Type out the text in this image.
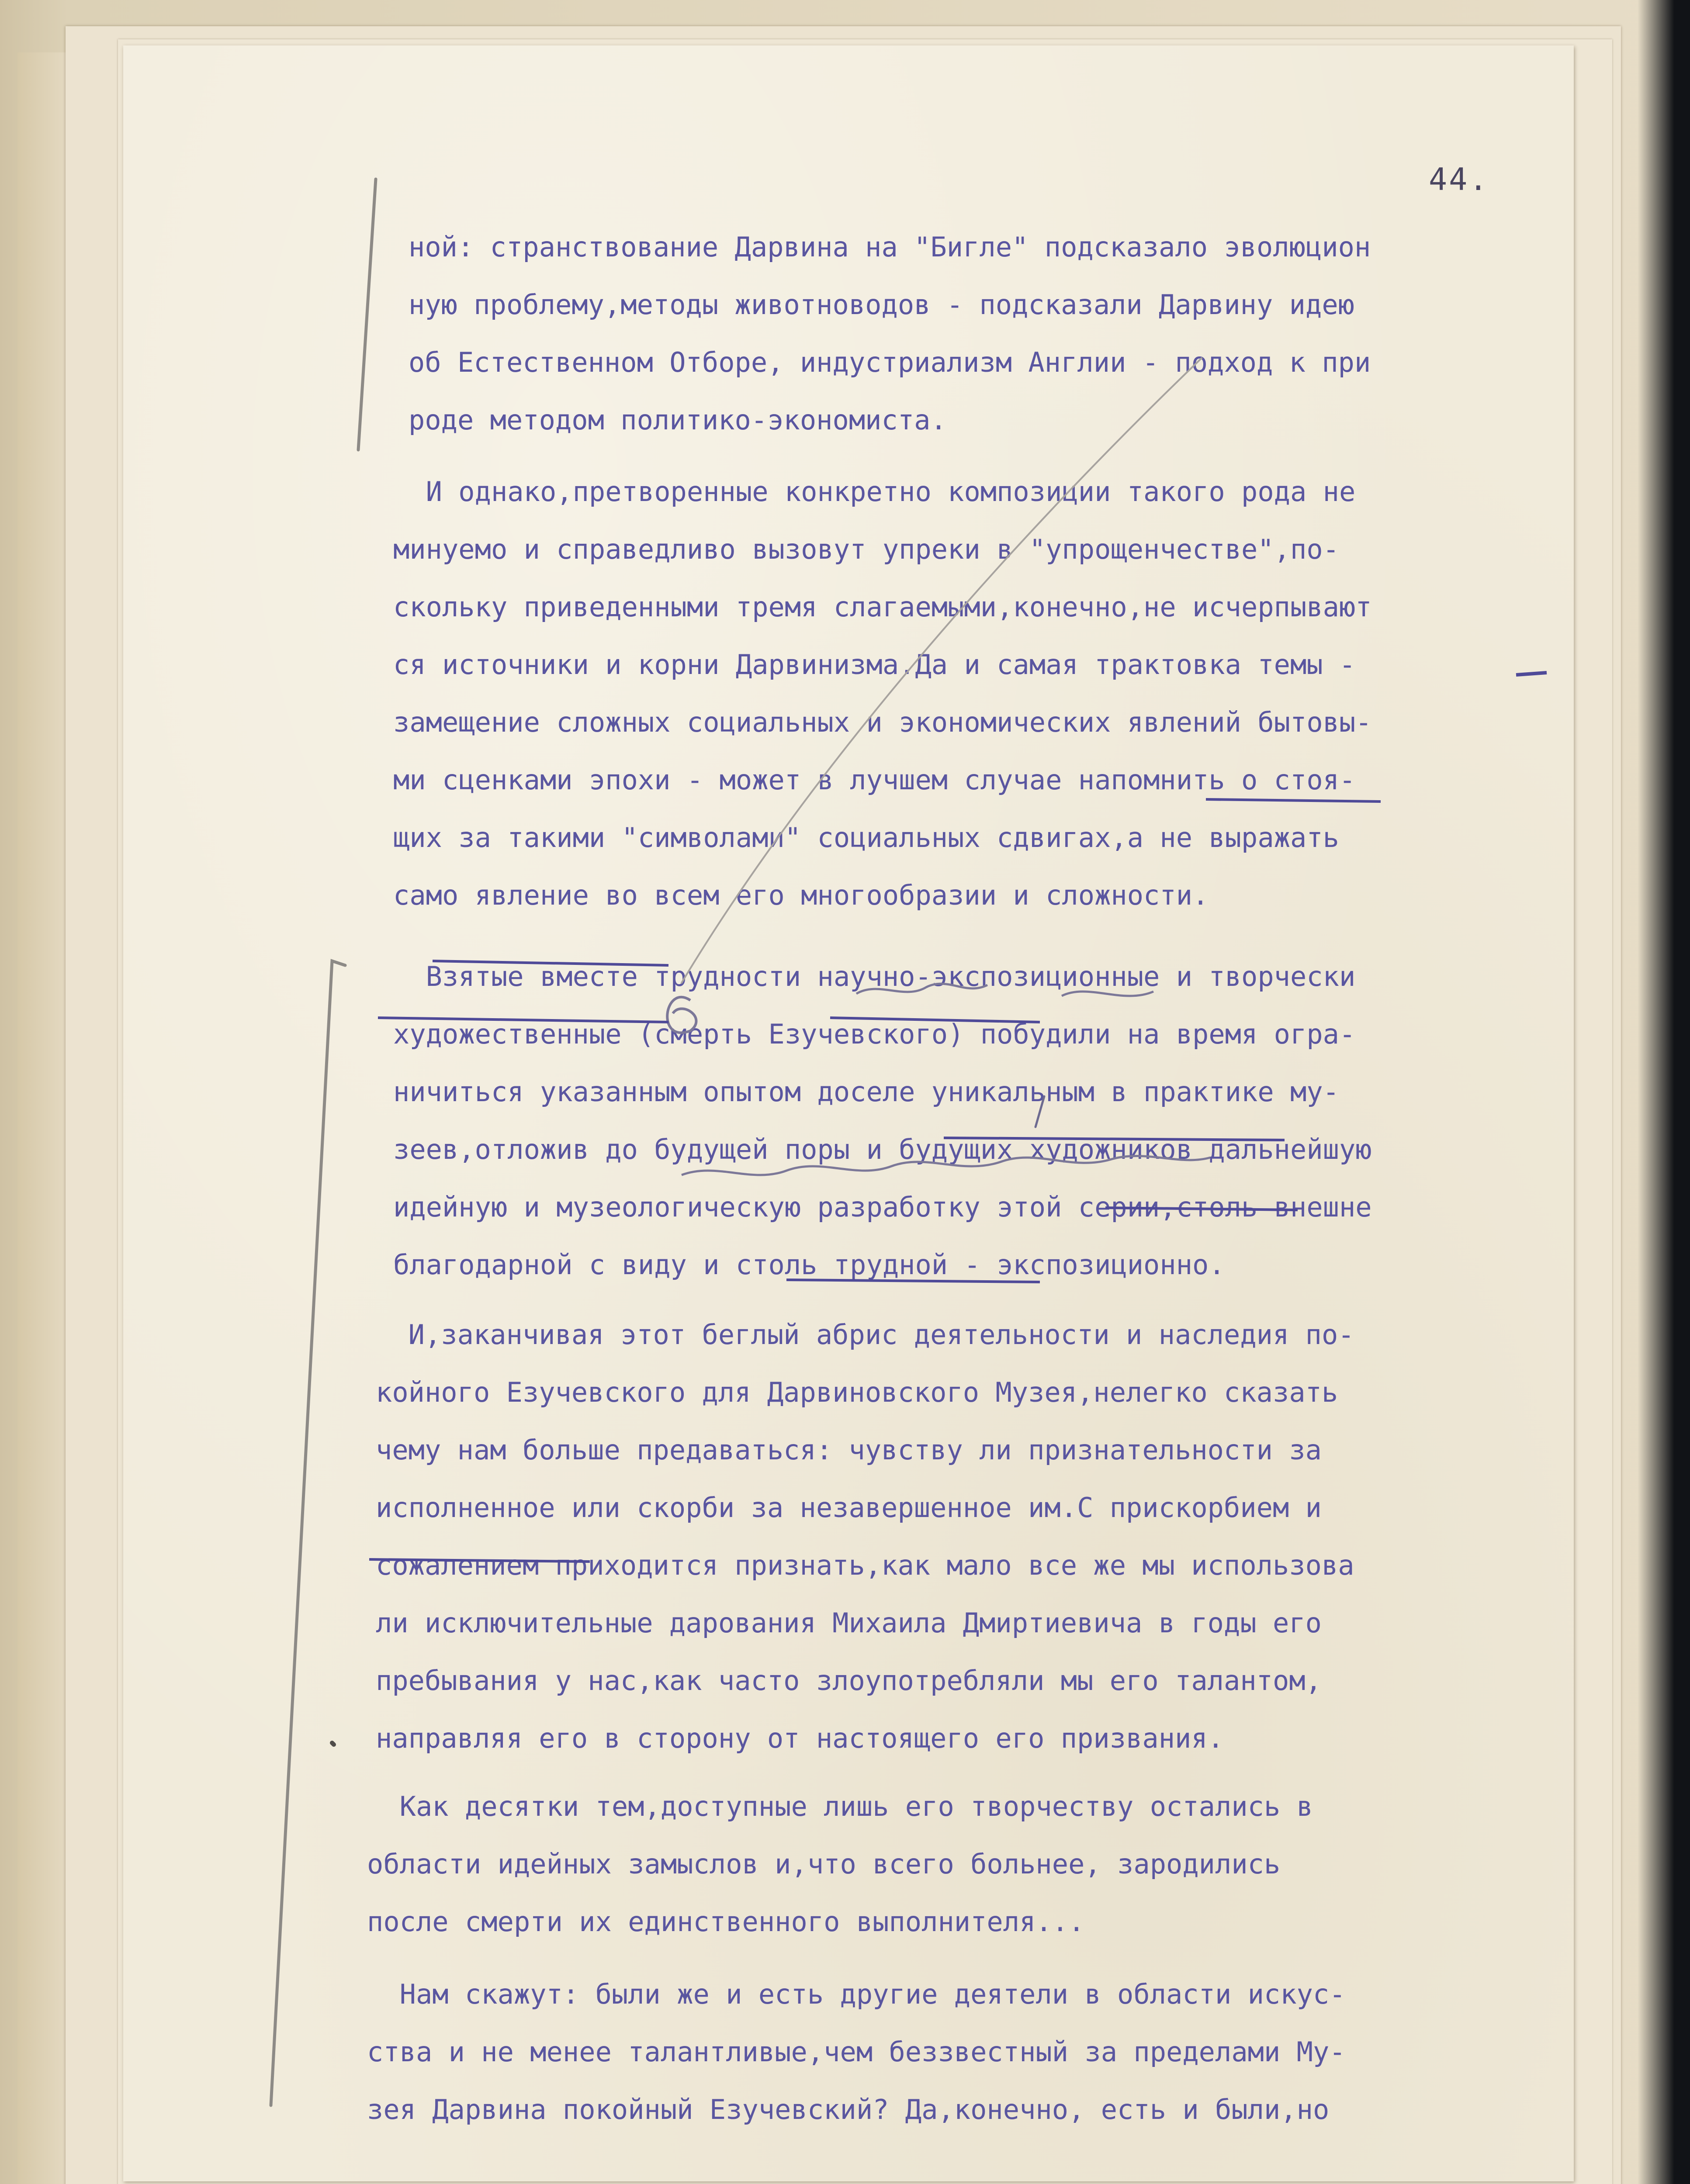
44.
ной: странствование Дарвина на "Бигле" подсказало эволюцион
ную проблему,методы животноводов - подсказали Дарвину идею
об Естественном Отборе, индустриализм Англии - подход к при
роде методом политико-экономиста.
И однако,претворенные конкретно композиции такого рода не
минуемо и справедливо вызовут упреки в "упрощенчестве",по-
скольку приведенными тремя слагаемыми,конечно,не исчерпывают
ся источники и корни Дарвинизма.Да и самая трактовка темы -
замещение сложных социальных и экономических явлений бытовы-
ми сценками эпохи - может в лучшем случае напомнить о стоя-
щих за такими "символами" социальных сдвигах,а не выражать
само явление во всем его многообразии и сложности.
Взятые вместе трудности научно-экспозиционные и творчески
художественные (смерть Езучевского) побудили на время огра-
ничиться указанным опытом доселе уникальным в практике му-
зеев,отложив до будущей поры и будущих художников дальнейшую
идейную и музеологическую разработку этой серии,столь внешне
благодарной с виду и столь трудной - экспозиционно.
И,заканчивая этот беглый абрис деятельности и наследия по-
койного Езучевского для Дарвиновского Музея,нелегко сказать
чему нам больше предаваться: чувству ли признательности за
исполненное или скорби за незавершенное им.С прискорбием и
сожалением приходится признать,как мало все же мы использова
ли исключительные дарования Михаила Дмиртиевича в годы его
пребывания у нас,как часто злоупотребляли мы его талантом,
направляя его в сторону от настоящего его призвания.
Как десятки тем,доступные лишь его творчеству остались в
области идейных замыслов и,что всего больнее, зародились
после смерти их единственного выполнителя...
Нам скажут: были же и есть другие деятели в области искус-
ства и не менее талантливые,чем беззвестный за пределами Му-
зея Дарвина покойный Езучевский? Да,конечно, есть и были,но
